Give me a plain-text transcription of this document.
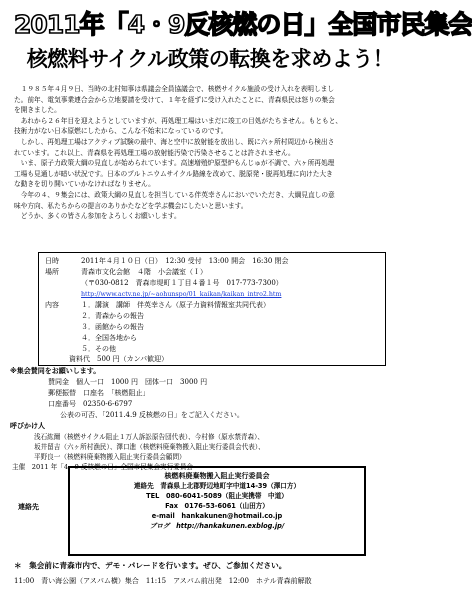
2011年「4・9反核燃の日」全国市民集会
核燃料サイクル政策の転換を求めよう！

１９８５年４月９日、当時の北村知事は県議会全員協議会で、核燃サイクル施設の受け入れを表明しまし

た。前年、電気事業連合会から立地要請を受けて、１年を経ずに受け入れたことに、青森県民は怒りの集会

を開きました。

あれから２６年目を迎えようとしていますが、再処理工場はいまだに竣工の目処がたちません。もともと、

技術力がない日本原燃にしたから、こんな不始末になっているのです。

しかし、再処理工場はアクティブ試験の最中、海と空中に放射能を放出し、既に六ヶ所村周辺から検出さ

れています。これ以上、青森県を再処理工場の放射能汚染で汚染させることは許されません。

いま、原子力政策大綱の見直しが始められています。高速増殖炉原型炉もんじゅが不調で、六ヶ所再処理

工場も見通しが暗い状況です。日本のプルトニウムサイクル路線を改めて、脱原発・脱再処理に向けた大き

な動きを切り開いていかなければなりません。

今年の４、９集会には、政策大綱の見直しを担当している伴英幸さんにおいでいただき、大綱見直しの意

味や方向、私たちからの提言のありかたなどを学ぶ機会にしたいと思います。

どうか、多くの皆さん参加をよろしくお願いします。

日時	2011年４月１０日（日）　12:30 受付　13:00 開会　16:30 閉会
場所	青森市文化会館　４階　小会議室（Ｉ）
（〒030-0812　青森市堤町１丁目４番１号　017-773-7300）
http://www.actv.ne.jp/~aohunspo/01_kaikan/kaikan_intro2.htm
内容	１．講演　講師　伴英幸さん（原子力資料情報室共同代表）
２．青森からの報告
３．函館からの報告
４．全国各地から
５．その他
資料代　500 円（カンパ歓迎）
※集会賛同をお願いします。
賛同金　個人一口　1000 円　団体一口　3000 円
郵便振替　口座名　「核燃阻止」
口座番号　02350-6-6797
公表の可否、「2011.4.9 反核燃の日」をご記入ください。
呼びかけ人
浅石紘爾（核燃サイクル阻止１万人訴訟原告団代表）、今村修（原水禁青森）、
坂井留吉（六ヶ所村漁民）、澤口進（核燃料廃棄物搬入阻止実行委員会代表）、
平野良一（核燃料廃棄物搬入阻止実行委員会顧問）
主催　2011 年「4・9 反核燃の日」全国市民集会実行委員会
連絡先
核燃料廃棄物搬入阻止実行委員会
連絡先　青森県上北郡野辺地町字中道14-39（澤口方）
TEL　080-6041-5089（阻止実携帯　中道）
Fax　0176-53-6061（山田方）
e-mail　hankakunen@hotmail.co.jp
ブログ　http://hankakunen.exblog.jp/
＊　集会前に青森市内で、デモ・パレードを行います。ぜひ、ご参加ください。
11:00　青い海公園（アスパム横）集合　11:15　アスパム前出発　12:00　ホテル青森前解散
